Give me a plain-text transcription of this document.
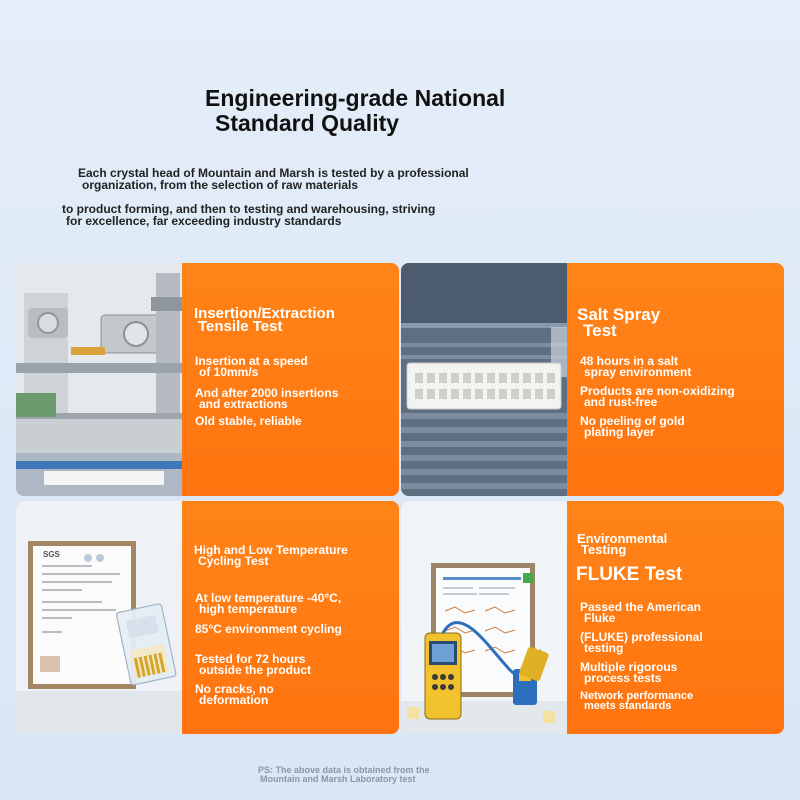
Engineering-grade National
Standard Quality
Each crystal head of Mountain and Marsh is tested by a professional
organization, from the selection of raw materials
to product forming, and then to testing and warehousing, striving
for excellence, far exceeding industry standards
Insertion/Extraction
Tensile Test
Insertion at a speed
of 10mm/s
And after 2000 insertions
and extractions
Old stable, reliable
Salt Spray
Test
48 hours in a salt
spray environment
Products are non-oxidizing
and rust-free
No peeling of gold
plating layer
SGS	High and Low Temperature
Cycling Test
At low temperature -40°C,
high temperature
85°C environment cycling
Tested for 72 hours
outside the product
No cracks, no
deformation
Environmental
Testing
FLUKE Test
Passed the American
Fluke
(FLUKE) professional
testing
Multiple rigorous
process tests
Network performance
meets standards
PS: The above data is obtained from the
Mountain and Marsh Laboratory test
